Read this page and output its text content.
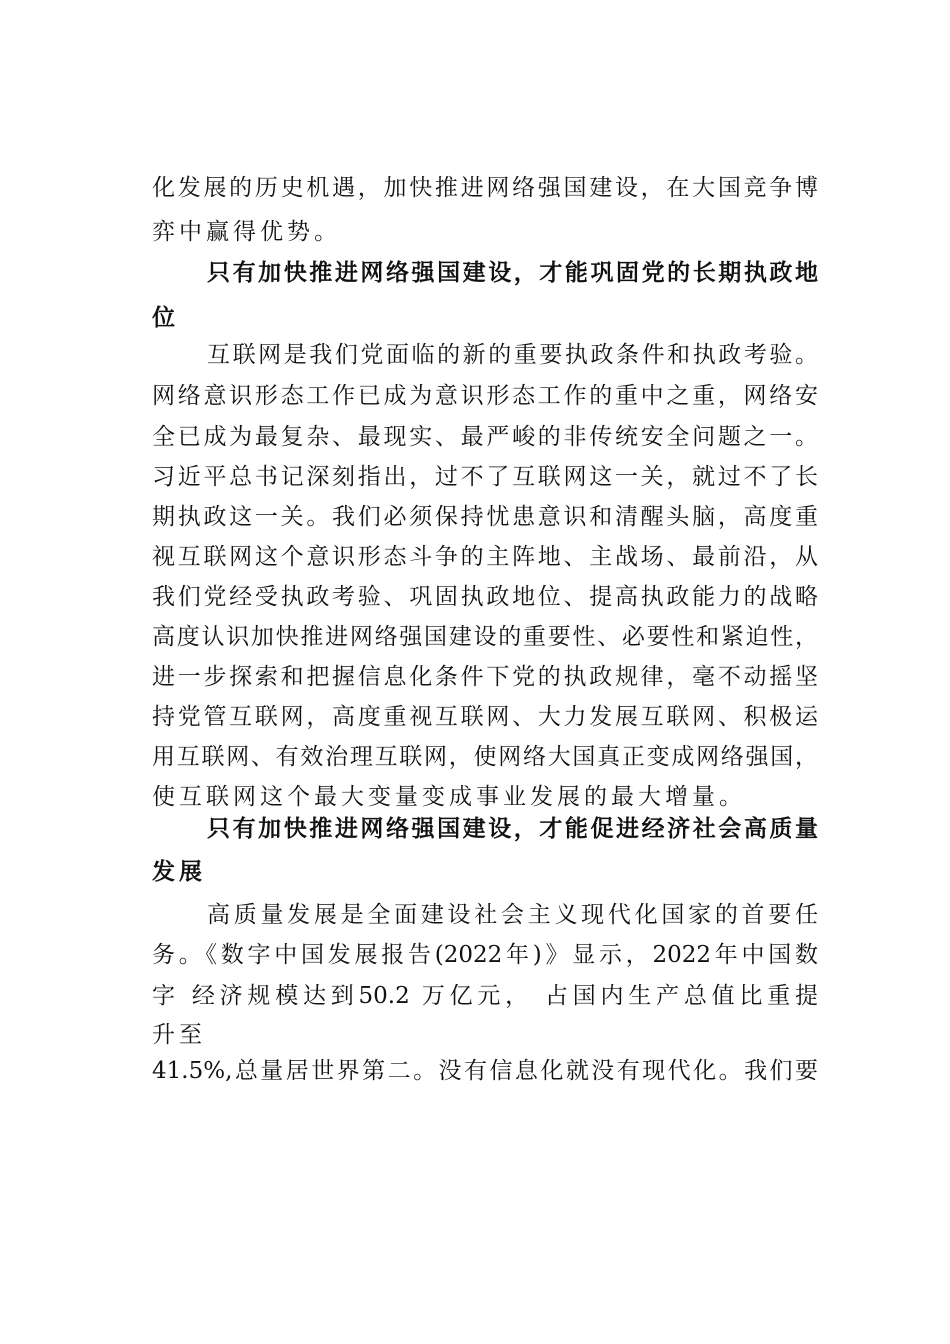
化发展的历史机遇，加快推进网络强国建设，在大国竞争博
弈中赢得优势。
只有加快推进网络强国建设，才能巩固党的长期执政地
位
互联网是我们党面临的新的重要执政条件和执政考验。
网络意识形态工作已成为意识形态工作的重中之重，网络安
全已成为最复杂、最现实、最严峻的非传统安全问题之一。
习近平总书记深刻指出，过不了互联网这一关，就过不了长
期执政这一关。我们必须保持忧患意识和清醒头脑，高度重
视互联网这个意识形态斗争的主阵地、主战场、最前沿，从
我们党经受执政考验、巩固执政地位、提高执政能力的战略
高度认识加快推进网络强国建设的重要性、必要性和紧迫性，
进一步探索和把握信息化条件下党的执政规律，毫不动摇坚
持党管互联网，高度重视互联网、大力发展互联网、积极运
用互联网、有效治理互联网，使网络大国真正变成网络强国，
使互联网这个最大变量变成事业发展的最大增量。
只有加快推进网络强国建设，才能促进经济社会高质量
发展
高质量发展是全面建设社会主义现代化国家的首要任
务。《数字中国发展报告(2022年)》显示，2022年中国数
字 经济规模达到50.2 万亿元， 占国内生产总值比重提
升至
41.5%,总量居世界第二。没有信息化就没有现代化。我们要
